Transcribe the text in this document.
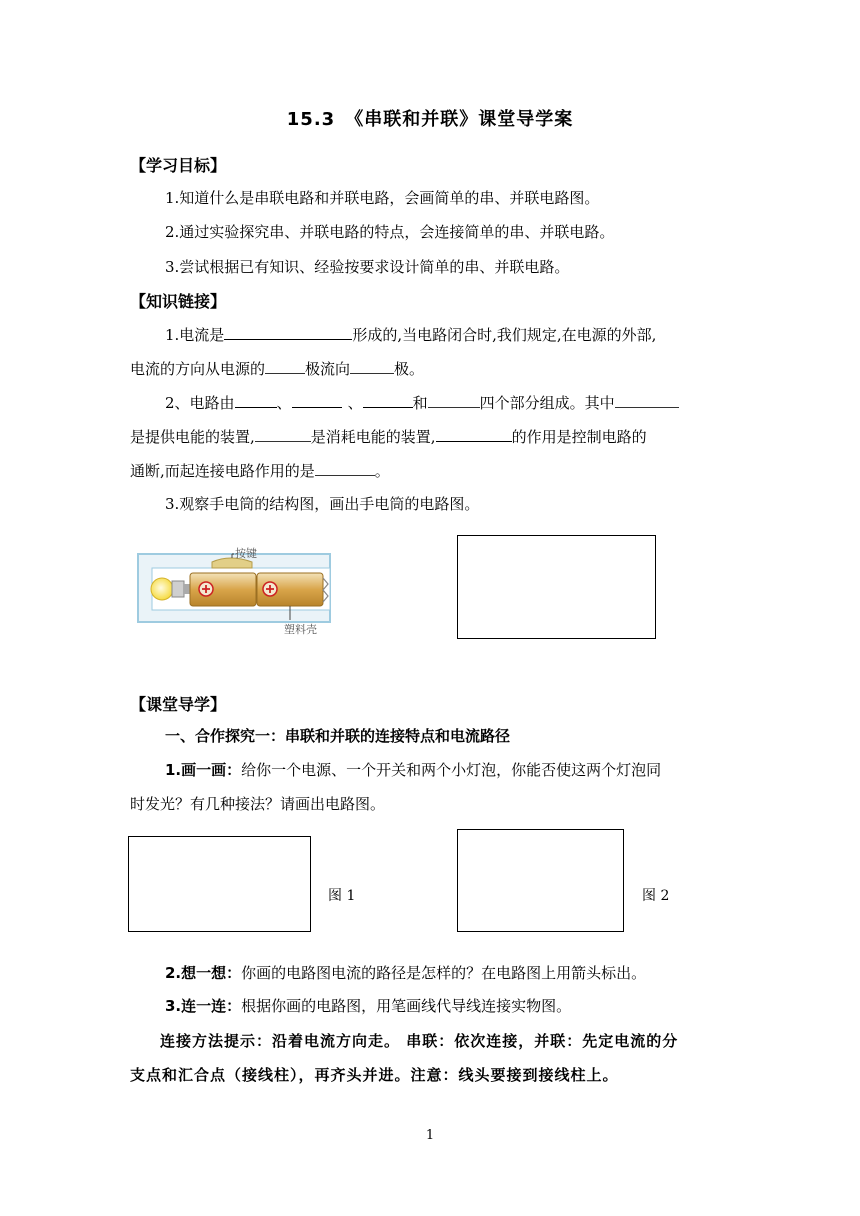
15.3　《串联和并联》课堂导学案
【学习目标】
1.知道什么是串联电路和并联电路，会画简单的串、并联电路图。
2.通过实验探究串、并联电路的特点，会连接简单的串、并联电路。
3.尝试根据已有知识、经验按要求设计简单的串、并联电路。
【知识链接】
1.电流是	形成的,当电路闭合时,我们规定,在电源的外部,
电流的方向从电源的	极流向	极。
2、电路由	、	、	和	四个部分组成。其中
是提供电能的装置,	是消耗电能的装置,	的作用是控制电路的
通断,而起连接电路作用的是	。
3.观察手电筒的结构图，画出手电筒的电路图。
按键
塑料壳
【课堂导学】
一、合作探究一：串联和并联的连接特点和电流路径
1.画一画：给你一个电源、一个开关和两个小灯泡，你能否使这两个灯泡同
时发光？有几种接法？请画出电路图。
图 1	图 2
2.想一想：你画的电路图电流的路径是怎样的？在电路图上用箭头标出。
3.连一连：根据你画的电路图，用笔画线代导线连接实物图。
连接方法提示：沿着电流方向走。 串联：依次连接，并联：先定电流的分
支点和汇合点（接线柱），再齐头并进。注意：线头要接到接线柱上。
1
